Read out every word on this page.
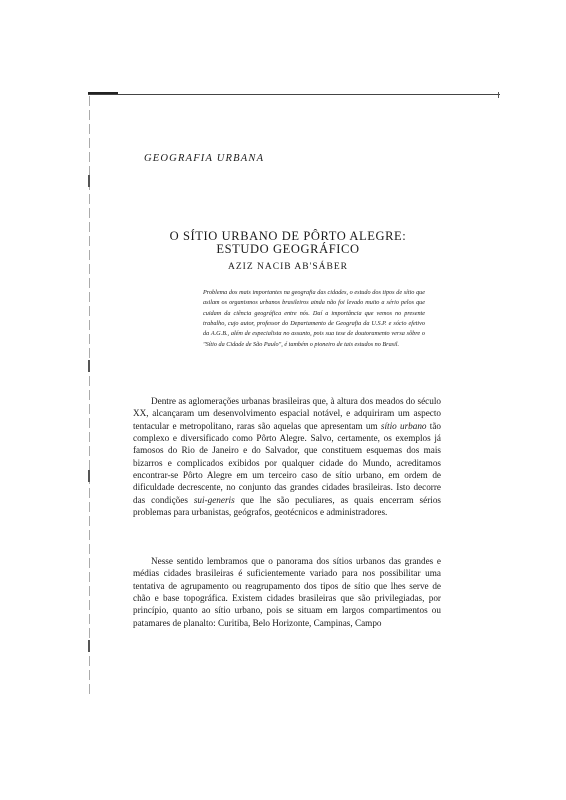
GEOGRAFIA URBANA
O SÍTIO URBANO DE PÔRTO ALEGRE:
ESTUDO GEOGRÁFICO

AZIZ NACIB AB'SÁBER

Problema dos mais importantes na geografia das cidades, o estudo dos tipos de sítio que asilam os organismos urbanos brasileiros ainda não foi levado muito a sério pelos que cuidam da ciência geográfica entre nós. Daí a importância que vemos no presente trabalho, cujo autor, professor do Departamento de Geografia da U.S.P. e sócio efetivo da A.G.B., além de especialista no assunto, pois sua tese de doutoramento versa sôbre o "Sítio da Cidade de São Paulo", é também o pioneiro de tais estudos no Brasil.

Dentre as aglomerações urbanas brasileiras que, à altura dos meados do século XX, alcançaram um desenvolvimento espacial notável, e adquiriram um aspecto tentacular e metropolitano, raras são aquelas que apresentam um sítio urbano tão complexo e diversificado como Pôrto Alegre. Salvo, certamente, os exemplos já famosos do Rio de Janeiro e do Salvador, que constituem esquemas dos mais bizarros e complicados exibidos por qualquer cidade do Mundo, acreditamos encontrar-se Pôrto Alegre em um terceiro caso de sítio urbano, em ordem de dificuldade decrescente, no conjunto das grandes cidades brasileiras. Isto decorre das condições sui-generis que lhe são peculiares, as quais encerram sérios problemas para urbanistas, geógrafos, geotécnicos e administradores.

Nesse sentido lembramos que o panorama dos sítios urbanos das grandes e médias cidades brasileiras é suficientemente variado para nos possibilitar uma tentativa de agrupamento ou reagrupamento dos tipos de sítio que lhes serve de chão e base topográfica. Existem cidades brasileiras que são privilegiadas, por princípio, quanto ao sítio urbano, pois se situam em largos compartimentos ou patamares de planalto: Curitiba, Belo Horizonte, Campinas, Campo
